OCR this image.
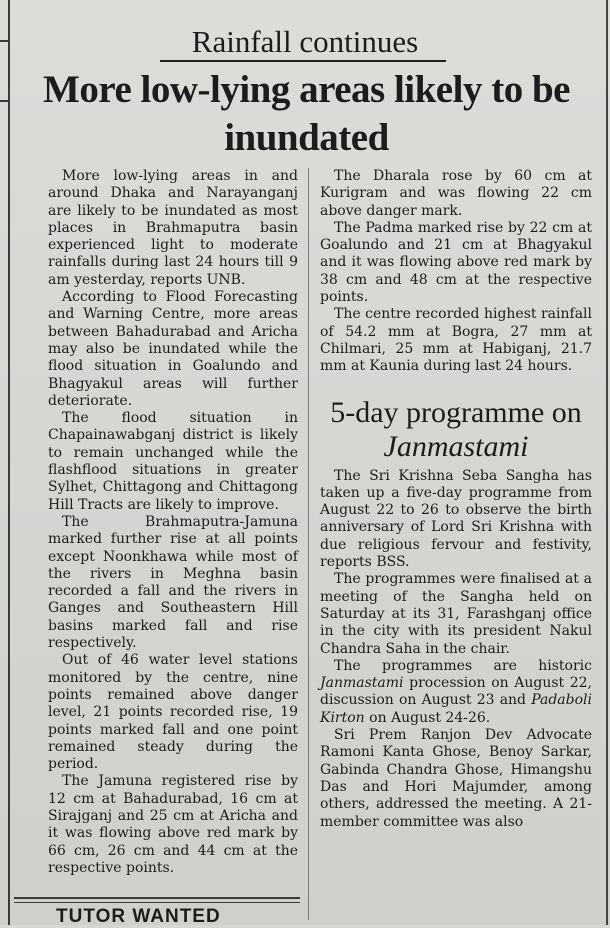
Rainfall continues
More low-lying areas likely to be inundated

More low-lying areas in and around Dhaka and Narayanganj are likely to be inundated as most places in Brahmaputra basin experienced light to moderate rainfalls during last 24 hours till 9 am yesterday, reports UNB.

According to Flood Forecasting and Warning Centre, more areas between Bahadurabad and Aricha may also be inundated while the flood situation in Goalundo and Bhagyakul areas will further deteriorate.

The flood situation in Chapainawabganj district is likely to remain unchanged while the flashflood situations in greater Sylhet, Chittagong and Chittagong Hill Tracts are likely to improve.

The Brahmaputra-Jamuna marked further rise at all points except Noonkhawa while most of the rivers in Meghna basin recorded a fall and the rivers in Ganges and Southeastern Hill basins marked fall and rise respectively.

Out of 46 water level stations monitored by the centre, nine points remained above danger level, 21 points recorded rise, 19 points marked fall and one point remained steady during the period.

The Jamuna registered rise by 12 cm at Bahadurabad, 16 cm at Sirajganj and 25 cm at Aricha and it was flowing above red mark by 66 cm, 26 cm and 44 cm at the respective points.

The Dharala rose by 60 cm at Kurigram and was flowing 22 cm above danger mark.

The Padma marked rise by 22 cm at Goalundo and 21 cm at Bhagyakul and it was flowing above red mark by 38 cm and 48 cm at the respective points.

The centre recorded highest rainfall of 54.2 mm at Bogra, 27 mm at Chilmari, 25 mm at Habiganj, 21.7 mm at Kaunia during last 24 hours.

5-day programme on Janmastami

The Sri Krishna Seba Sangha has taken up a five-day programme from August 22 to 26 to observe the birth anniversary of Lord Sri Krishna with due religious fervour and festivity, reports BSS.

The programmes were finalised at a meeting of the Sangha held on Saturday at its 31, Farashganj office in the city with its president Nakul Chandra Saha in the chair.

The programmes are historic Janmastami procession on August 22, discussion on August 23 and Padaboli Kirton on August 24-26.

Sri Prem Ranjon Dev Advocate Ramoni Kanta Ghose, Benoy Sarkar, Gabinda Chandra Ghose, Himangshu Das and Hori Majumder, among others, addressed the meeting. A 21-member committee was also

TUTOR WANTED
